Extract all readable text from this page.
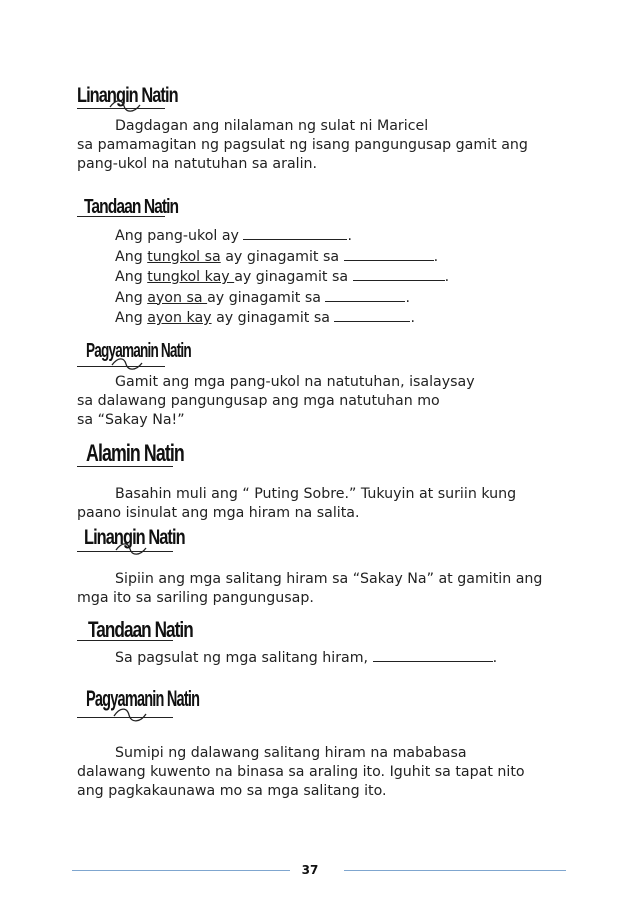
Linangin Natin
Dagdagan ang nilalaman ng sulat ni Maricel
sa pamamagitan ng pagsulat ng isang pangungusap gamit ang
pang-ukol na natutuhan sa aralin.
Tandaan Natin
Ang pang-ukol ay	.
Ang tungkol sa ay ginagamit sa	.
Ang tungkol kay ay ginagamit sa	.
Ang ayon sa ay ginagamit sa	.
Ang ayon kay ay ginagamit sa	.
Pagyamanin Natin
Gamit ang mga pang-ukol na natutuhan, isalaysay
sa dalawang pangungusap ang mga natutuhan mo
sa “Sakay Na!”
Alamin Natin
Basahin muli ang “ Puting Sobre.” Tukuyin at suriin kung
paano isinulat ang mga hiram na salita.
Linangin Natin
Sipiin ang mga salitang hiram sa “Sakay Na” at gamitin ang
mga ito sa sariling pangungusap.
Tandaan Natin
Sa pagsulat ng mga salitang hiram,	.
Pagyamanin Natin
Sumipi ng dalawang salitang hiram na mababasa
dalawang kuwento na binasa sa araling ito. Iguhit sa tapat nito
ang pagkakaunawa mo sa mga salitang ito.
37
